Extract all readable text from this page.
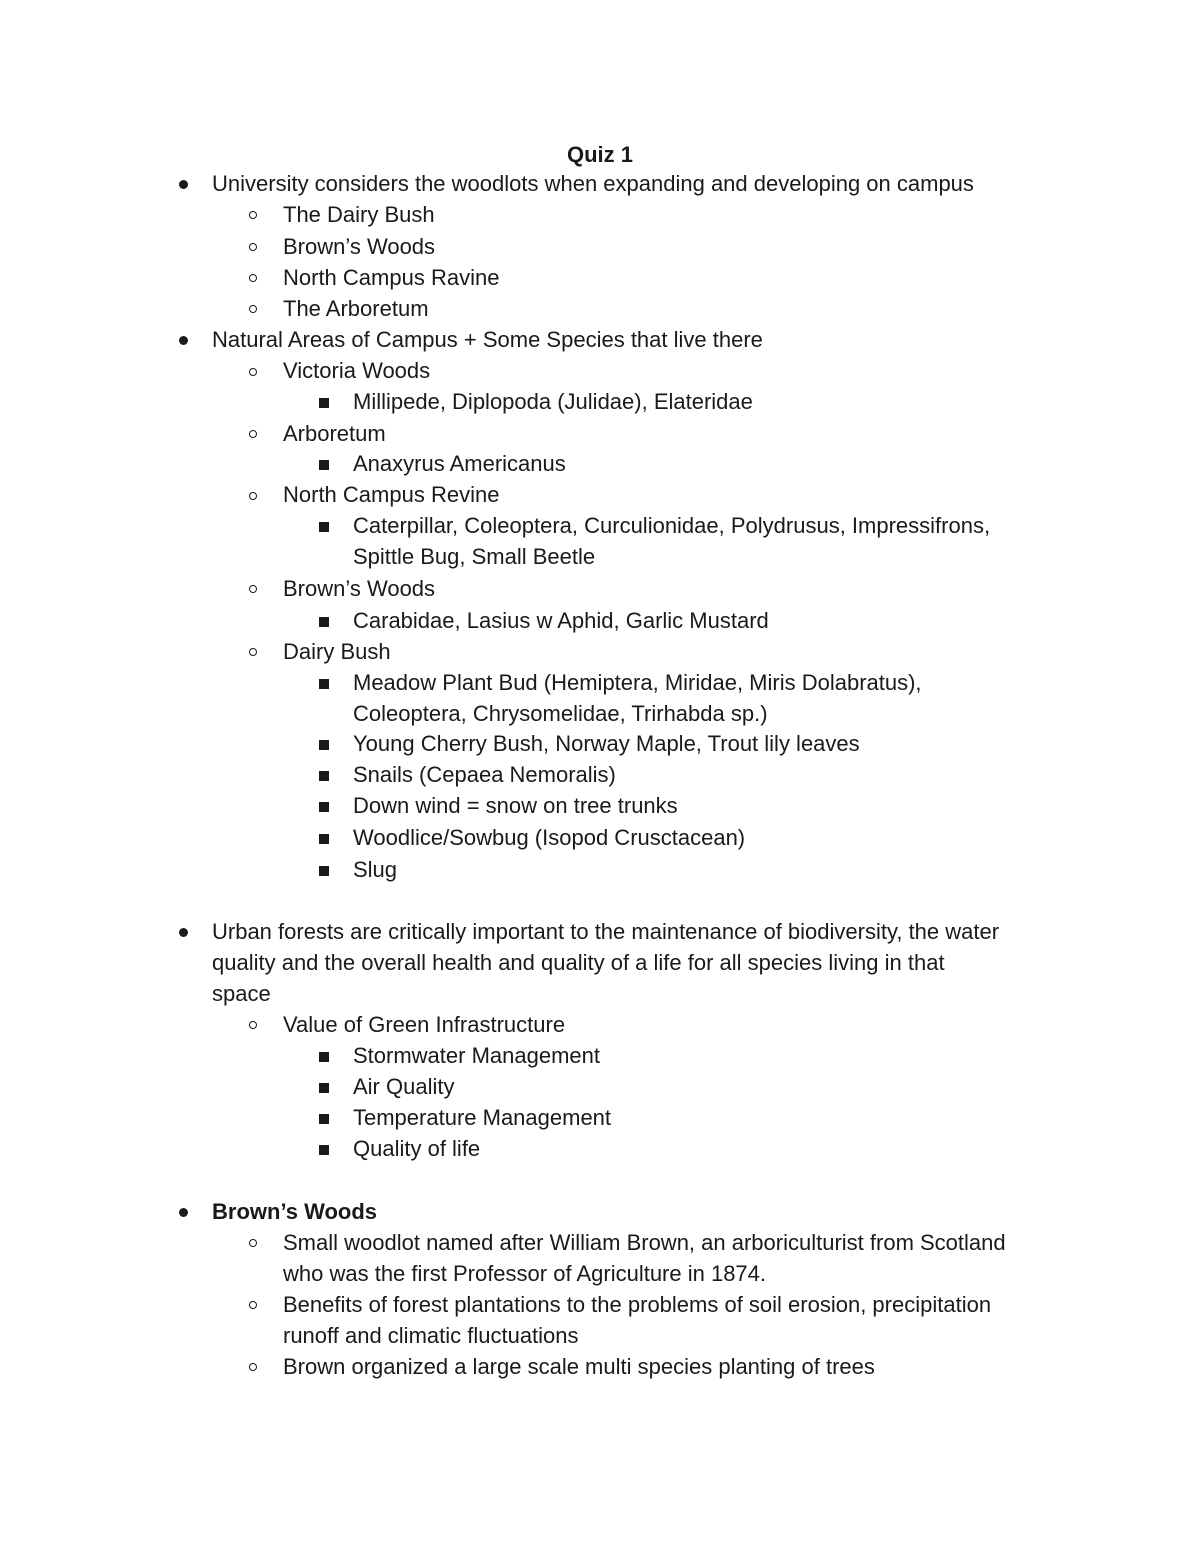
Quiz 1
University considers the woodlots when expanding and developing on campus
The Dairy Bush
Brown’s Woods
North Campus Ravine
The Arboretum
Natural Areas of Campus + Some Species that live there
Victoria Woods
Millipede, Diplopoda (Julidae), Elateridae
Arboretum
Anaxyrus Americanus
North Campus Revine
Caterpillar, Coleoptera, Curculionidae, Polydrusus, Impressifrons,
Spittle Bug, Small Beetle
Brown’s Woods
Carabidae, Lasius w Aphid, Garlic Mustard
Dairy Bush
Meadow Plant Bud (Hemiptera, Miridae, Miris Dolabratus),
Coleoptera, Chrysomelidae, Trirhabda sp.)
Young Cherry Bush, Norway Maple, Trout lily leaves
Snails (Cepaea Nemoralis)
Down wind = snow on tree trunks
Woodlice/Sowbug (Isopod Crusctacean)
Slug
Urban forests are critically important to the maintenance of biodiversity, the water
quality and the overall health and quality of a life for all species living in that
space
Value of Green Infrastructure
Stormwater Management
Air Quality
Temperature Management
Quality of life
Brown’s Woods
Small woodlot named after William Brown, an arboriculturist from Scotland
who was the first Professor of Agriculture in 1874.
Benefits of forest plantations to the problems of soil erosion, precipitation
runoff and climatic fluctuations
Brown organized a large scale multi species planting of trees
